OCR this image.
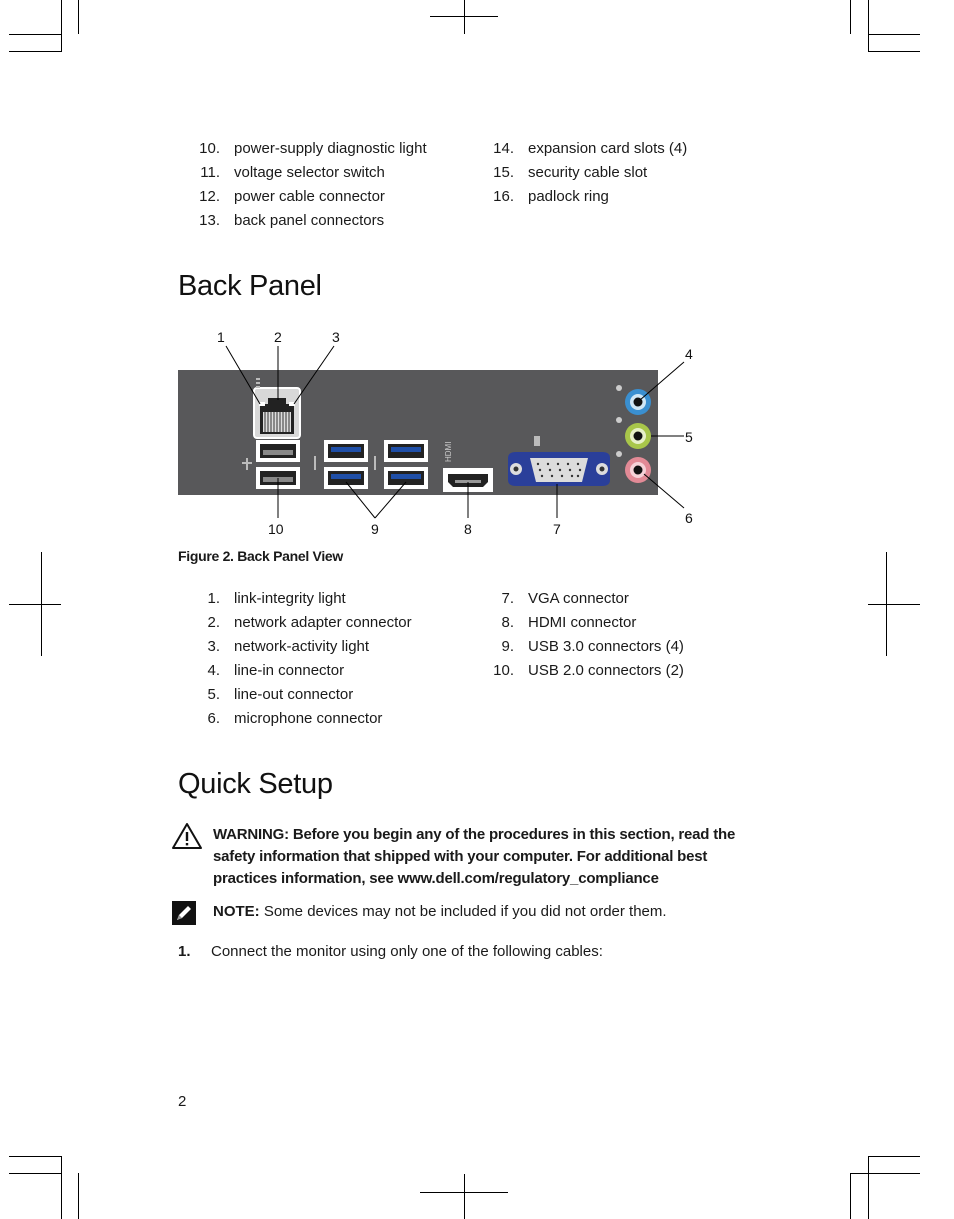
10. power-supply diagnostic light
11. voltage selector switch
12. power cable connector
13. back panel connectors
14. expansion card slots (4)
15. security cable slot
16. padlock ring
Back Panel
HDMI
1	2	3
4
5
6
7
8
9
10
Figure 2. Back Panel View
1. link-integrity light
2. network adapter connector
3. network-activity light
4. line-in connector
5. line-out connector
6. microphone connector
7. VGA connector
8. HDMI connector
9. USB 3.0 connectors (4)
10. USB 2.0 connectors (2)
Quick Setup
WARNING: Before you begin any of the procedures in this section, read the safety information that shipped with your computer. For additional best practices information, see www.dell.com/regulatory_compliance
NOTE: Some devices may not be included if you did not order them.
1. Connect the monitor using only one of the following cables:
2
